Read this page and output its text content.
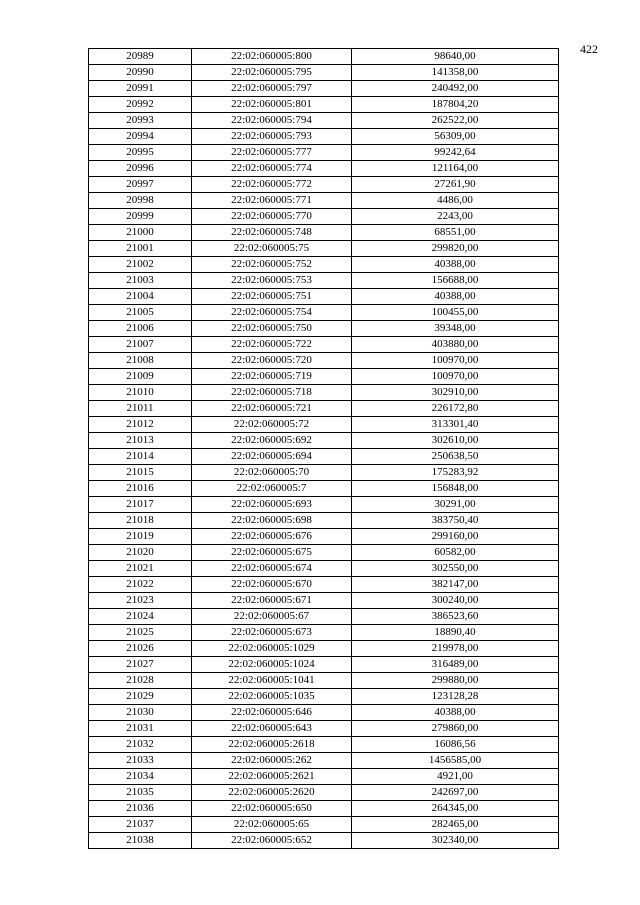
422
20989	22:02:060005:800	98640,00
20990	22:02:060005:795	141358,00
20991	22:02:060005:797	240492,00
20992	22:02:060005:801	187804,20
20993	22:02:060005:794	262522,00
20994	22:02:060005:793	56309,00
20995	22:02:060005:777	99242,64
20996	22:02:060005:774	121164,00
20997	22:02:060005:772	27261,90
20998	22:02:060005:771	4486,00
20999	22:02:060005:770	2243,00
21000	22:02:060005:748	68551,00
21001	22:02:060005:75	299820,00
21002	22:02:060005:752	40388,00
21003	22:02:060005:753	156688,00
21004	22:02:060005:751	40388,00
21005	22:02:060005:754	100455,00
21006	22:02:060005:750	39348,00
21007	22:02:060005:722	403880,00
21008	22:02:060005:720	100970,00
21009	22:02:060005:719	100970,00
21010	22:02:060005:718	302910,00
21011	22:02:060005:721	226172,80
21012	22:02:060005:72	313301,40
21013	22:02:060005:692	302610,00
21014	22:02:060005:694	250638,50
21015	22:02:060005:70	175283,92
21016	22:02:060005:7	156848,00
21017	22:02:060005:693	30291,00
21018	22:02:060005:698	383750,40
21019	22:02:060005:676	299160,00
21020	22:02:060005:675	60582,00
21021	22:02:060005:674	302550,00
21022	22:02:060005:670	382147,00
21023	22:02:060005:671	300240,00
21024	22:02:060005:67	386523,60
21025	22:02:060005:673	18890,40
21026	22:02:060005:1029	219978,00
21027	22:02:060005:1024	316489,00
21028	22:02:060005:1041	299880,00
21029	22:02:060005:1035	123128,28
21030	22:02:060005:646	40388,00
21031	22:02:060005:643	279860,00
21032	22:02:060005:2618	16086,56
21033	22:02:060005:262	1456585,00
21034	22:02:060005:2621	4921,00
21035	22:02:060005:2620	242697,00
21036	22:02:060005:650	264345,00
21037	22:02:060005:65	282465,00
21038	22:02:060005:652	302340,00
